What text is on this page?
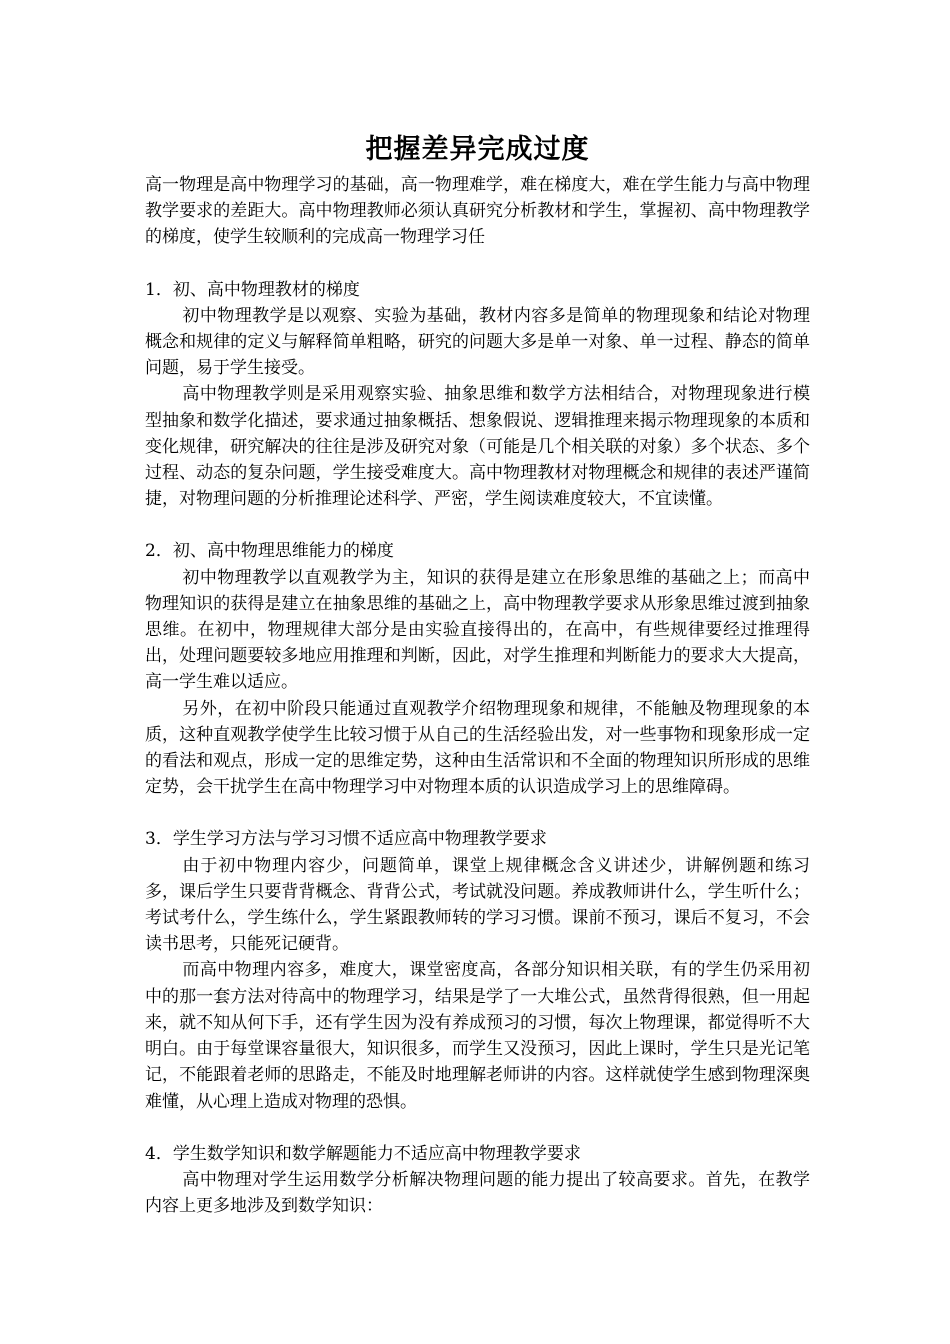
把握差异完成过度

高一物理是高中物理学习的基础，高一物理难学，难在梯度大，难在学生能力与高中物理教学要求的差距大。高中物理教师必须认真研究分析教材和学生，掌握初、高中物理教学的梯度，使学生较顺利的完成高一物理学习任

1．初、高中物理教材的梯度

初中物理教学是以观察、实验为基础，教材内容多是简单的物理现象和结论对物理概念和规律的定义与解释简单粗略，研究的问题大多是单一对象、单一过程、静态的简单问题，易于学生接受。

高中物理教学则是采用观察实验、抽象思维和数学方法相结合，对物理现象进行模型抽象和数学化描述，要求通过抽象概括、想象假说、逻辑推理来揭示物理现象的本质和变化规律，研究解决的往往是涉及研究对象（可能是几个相关联的对象）多个状态、多个过程、动态的复杂问题，学生接受难度大。高中物理教材对物理概念和规律的表述严谨简捷，对物理问题的分析推理论述科学、严密，学生阅读难度较大，不宜读懂。

2．初、高中物理思维能力的梯度

初中物理教学以直观教学为主，知识的获得是建立在形象思维的基础之上；而高中物理知识的获得是建立在抽象思维的基础之上，高中物理教学要求从形象思维过渡到抽象思维。在初中，物理规律大部分是由实验直接得出的，在高中，有些规律要经过推理得出，处理问题要较多地应用推理和判断，因此，对学生推理和判断能力的要求大大提高，高一学生难以适应。

另外，在初中阶段只能通过直观教学介绍物理现象和规律，不能触及物理现象的本质，这种直观教学使学生比较习惯于从自己的生活经验出发，对一些事物和现象形成一定的看法和观点，形成一定的思维定势，这种由生活常识和不全面的物理知识所形成的思维定势，会干扰学生在高中物理学习中对物理本质的认识造成学习上的思维障碍。

3．学生学习方法与学习习惯不适应高中物理教学要求

由于初中物理内容少，问题简单，课堂上规律概念含义讲述少，讲解例题和练习多，课后学生只要背背概念、背背公式，考试就没问题。养成教师讲什么，学生听什么；考试考什么，学生练什么，学生紧跟教师转的学习习惯。课前不预习，课后不复习，不会读书思考，只能死记硬背。

而高中物理内容多，难度大，课堂密度高，各部分知识相关联，有的学生仍采用初中的那一套方法对待高中的物理学习，结果是学了一大堆公式，虽然背得很熟，但一用起来，就不知从何下手，还有学生因为没有养成预习的习惯，每次上物理课，都觉得听不大明白。由于每堂课容量很大，知识很多，而学生又没预习，因此上课时，学生只是光记笔记，不能跟着老师的思路走，不能及时地理解老师讲的内容。这样就使学生感到物理深奥难懂，从心理上造成对物理的恐惧。

4．学生数学知识和数学解题能力不适应高中物理教学要求

高中物理对学生运用数学分析解决物理问题的能力提出了较高要求。首先，在教学内容上更多地涉及到数学知识：
